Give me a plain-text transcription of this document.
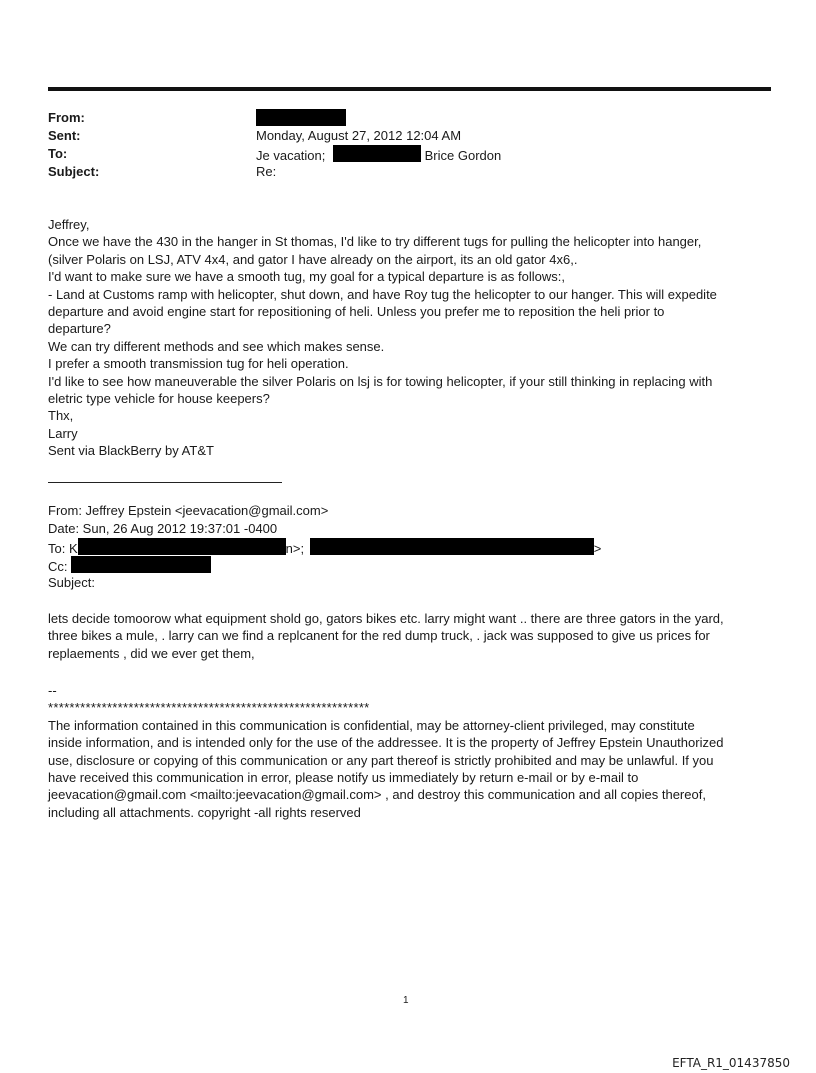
From:
Sent:	Monday, August 27, 2012 12:04 AM
To:	Je vacation;	Brice Gordon
Subject:	Re:

Jeffrey,

Once we have the 430 in the hanger in St thomas, I'd like to try different tugs for pulling the helicopter into hanger,

(silver Polaris on LSJ, ATV 4x4, and gator I have already on the airport, its an old gator 4x6,.

I'd want to make sure we have a smooth tug, my goal for a typical departure is as follows:,

- Land at Customs ramp with helicopter, shut down, and have Roy tug the helicopter to our hanger. This will expedite

departure and avoid engine start for repositioning of heli. Unless you prefer me to reposition the heli prior to

departure?

We can try different methods and see which makes sense.

I prefer a smooth transmission tug for heli operation.

I'd like to see how maneuverable the silver Polaris on lsj is for towing helicopter, if your still thinking in replacing with

eletric type vehicle for house keepers?

Thx,

Larry

Sent via BlackBerry by AT&T

From: Jeffrey Epstein <jeevacation@gmail.com>
Date: Sun, 26 Aug 2012 19:37:01 -0400
To: K	n>;	>
Cc:
Subject:

lets decide tomoorow what equipment shold go, gators bikes etc. larry might want .. there are three gators in the yard,

three bikes a mule, . larry can we find a replcanent for the red dump truck, . jack was supposed to give us prices for

replaements , did we ever get them,

--

************************************************************

The information contained in this communication is confidential, may be attorney-client privileged, may constitute

inside information, and is intended only for the use of the addressee. It is the property of Jeffrey Epstein Unauthorized

use, disclosure or copying of this communication or any part thereof is strictly prohibited and may be unlawful. If you

have received this communication in error, please notify us immediately by return e-mail or by e-mail to

jeevacation@gmail.com <mailto:jeevacation@gmail.com> , and destroy this communication and all copies thereof,

including all attachments. copyright -all rights reserved

1
EFTA_R1_01437850
